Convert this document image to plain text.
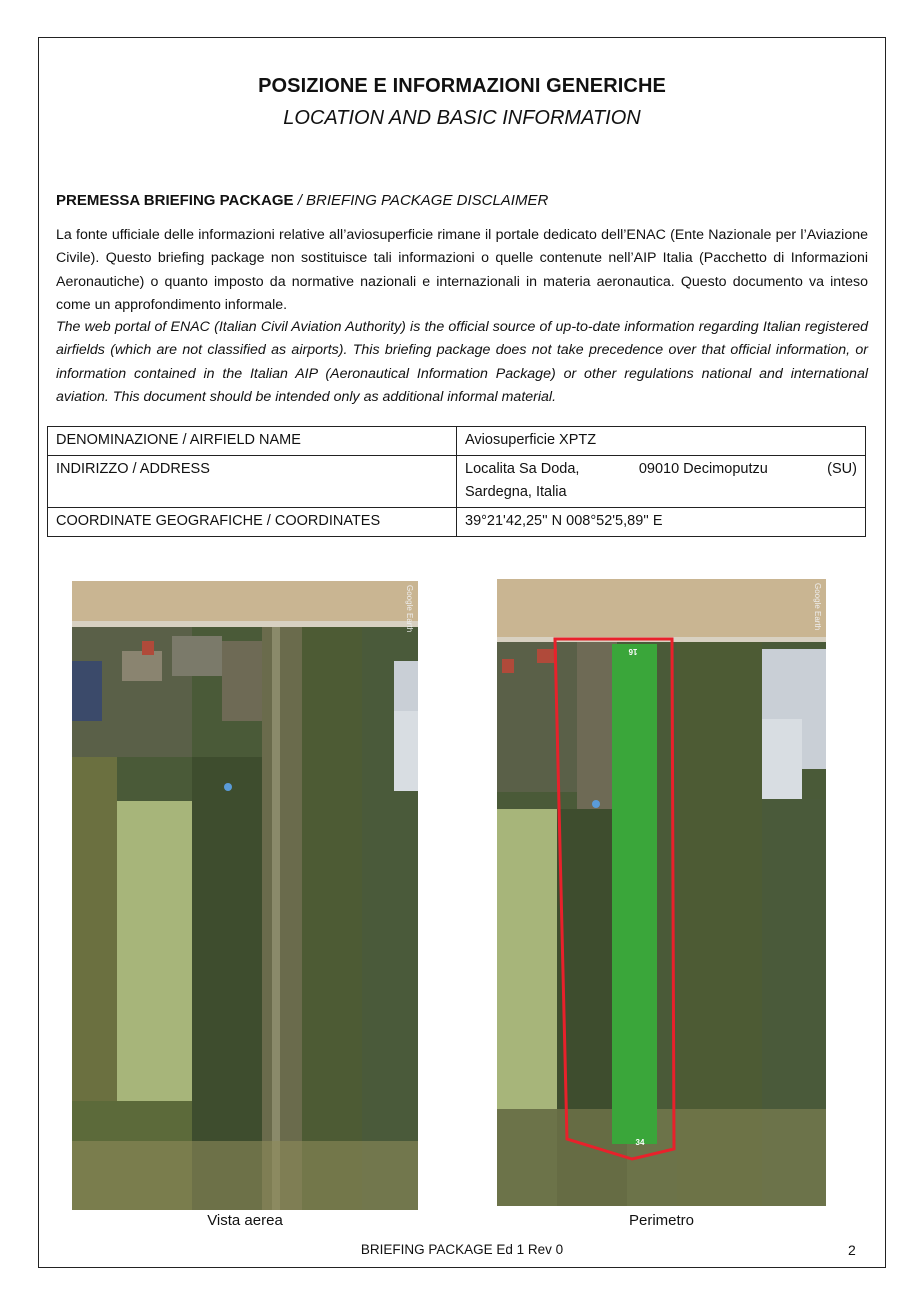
POSIZIONE E INFORMAZIONI GENERICHE
LOCATION AND BASIC INFORMATION
PREMESSA BRIEFING PACKAGE / BRIEFING PACKAGE DISCLAIMER
La fonte ufficiale delle informazioni relative all’aviosuperficie rimane il portale dedicato dell’ENAC (Ente Nazionale per l’Aviazione Civile). Questo briefing package non sostituisce tali informazioni o quelle contenute nell’AIP Italia (Pacchetto di Informazioni Aeronautiche) o quanto imposto da normative nazionali e internazionali in materia aeronautica. Questo documento va inteso come un approfondimento informale.
The web portal of ENAC (Italian Civil Aviation Authority) is the official source of up-to-date information regarding Italian registered airfields (which are not classified as airports). This briefing package does not take precedence over that official information, or information contained in the Italian AIP (Aeronautical Information Package) or other regulations national and international aviation. This document should be intended only as additional informal material.
DENOMINAZIONE / AIRFIELD NAME	Aviosuperficie XPTZ
INDIRIZZO / ADDRESS	Localita Sa Doda, 09010 Decimoputzu (SU)
Sardegna, Italia

COORDINATE GEOGRAFICHE / COORDINATES	39°21'42,25'' N 008°52'5,89'' E
Google Earth
16
34
Google Earth
Vista aerea	Perimetro
BRIEFING PACKAGE Ed 1 Rev 0	2
